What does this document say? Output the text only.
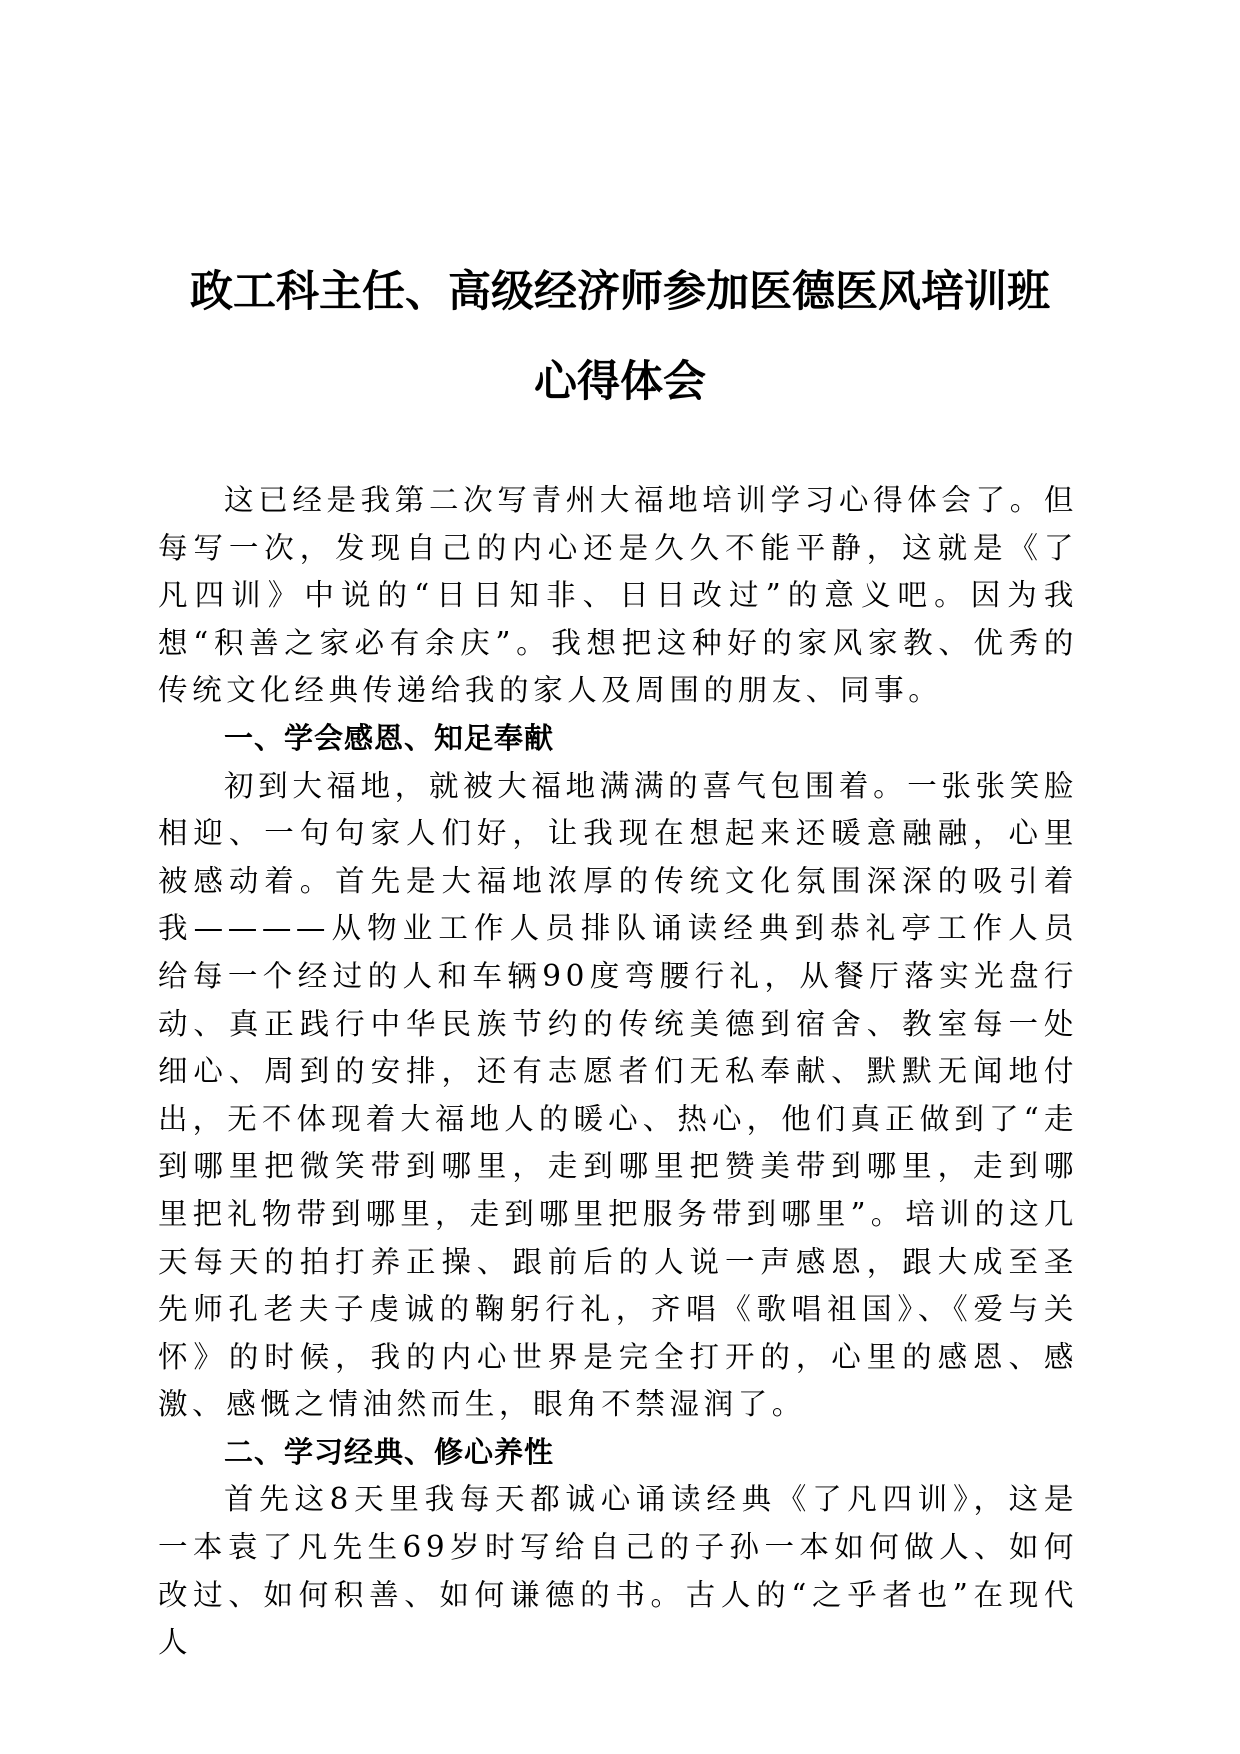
政工科主任、高级经济师参加医德医风培训班
心得体会

这已经是我第二次写青州大福地培训学习心得体会了。但每写一次，发现自己的内心还是久久不能平静，这就是《了凡四训》中说的“日日知非、日日改过”的意义吧。因为我想“积善之家必有余庆”。我想把这种好的家风家教、优秀的传统文化经典传递给我的家人及周围的朋友、同事。

一、学会感恩、知足奉献

初到大福地，就被大福地满满的喜气包围着。一张张笑脸相迎、一句句家人们好，让我现在想起来还暖意融融，心里被感动着。首先是大福地浓厚的传统文化氛围深深的吸引着我————从物业工作人员排队诵读经典到恭礼亭工作人员给每一个经过的人和车辆90度弯腰行礼，从餐厅落实光盘行动、真正践行中华民族节约的传统美德到宿舍、教室每一处细心、周到的安排，还有志愿者们无私奉献、默默无闻地付出，无不体现着大福地人的暖心、热心，他们真正做到了“走到哪里把微笑带到哪里，走到哪里把赞美带到哪里，走到哪里把礼物带到哪里，走到哪里把服务带到哪里”。培训的这几天每天的拍打养正操、跟前后的人说一声感恩，跟大成至圣先师孔老夫子虔诚的鞠躬行礼，齐唱《歌唱祖国》、《爱与关怀》的时候，我的内心世界是完全打开的，心里的感恩、感激、感慨之情油然而生，眼角不禁湿润了。

二、学习经典、修心养性

首先这8天里我每天都诚心诵读经典《了凡四训》，这是一本袁了凡先生69岁时写给自己的子孙一本如何做人、如何改过、如何积善、如何谦德的书。古人的“之乎者也”在现代人
